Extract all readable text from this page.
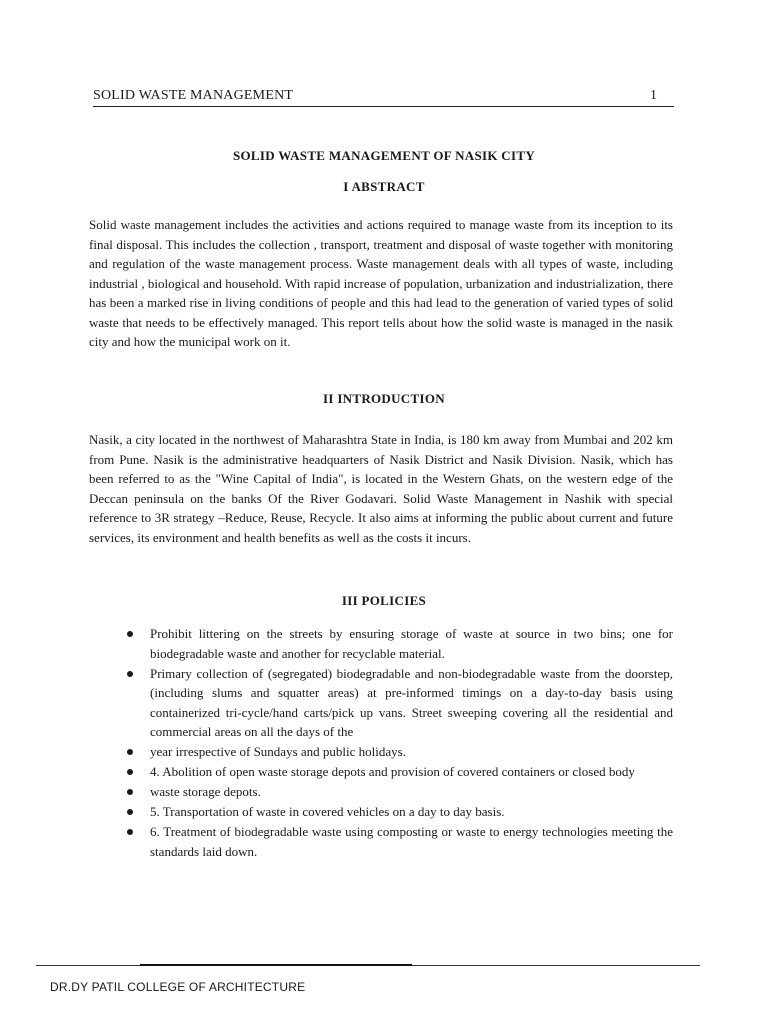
SOLID WASTE MANAGEMENT	1
SOLID WASTE MANAGEMENT OF NASIK CITY
I ABSTRACT

Solid waste management includes the activities and actions required to manage waste from its inception to its final disposal. This includes the collection , transport, treatment and disposal of waste together with monitoring and regulation of the waste management process. Waste management deals with all types of waste, including industrial , biological and household. With rapid increase of population, urbanization and industrialization, there has been a marked rise in living conditions of people and this had lead to the generation of varied types of solid waste that needs to be effectively managed. This report tells about how the solid waste is managed in the nasik city and how the municipal work on it.

II INTRODUCTION

Nasik, a city located in the northwest of Maharashtra State in India, is 180 km away from Mumbai and 202 km from Pune. Nasik is the administrative headquarters of Nasik District and Nasik Division. Nasik, which has been referred to as the "Wine Capital of India", is located in the Western Ghats, on the western edge of the Deccan peninsula on the banks Of the River Godavari. Solid Waste Management in Nashik with special reference to 3R strategy –Reduce, Reuse, Recycle. It also aims at informing the public about current and future services, its environment and health benefits as well as the costs it incurs.

III POLICIES
Prohibit littering on the streets by ensuring storage of waste at source in two bins; one for biodegradable waste and another for recyclable material.
Primary collection of (segregated) biodegradable and non-biodegradable waste from the doorstep, (including slums and squatter areas) at pre-informed timings on a day-to-day basis using containerized tri-cycle/hand carts/pick up vans. Street sweeping covering all the residential and commercial areas on all the days of the
year irrespective of Sundays and public holidays.
4. Abolition of open waste storage depots and provision of covered containers or closed body
waste storage depots.
5. Transportation of waste in covered vehicles on a day to day basis.
6. Treatment of biodegradable waste using composting or waste to energy technologies meeting the standards laid down.
DR.DY PATIL COLLEGE OF ARCHITECTURE
